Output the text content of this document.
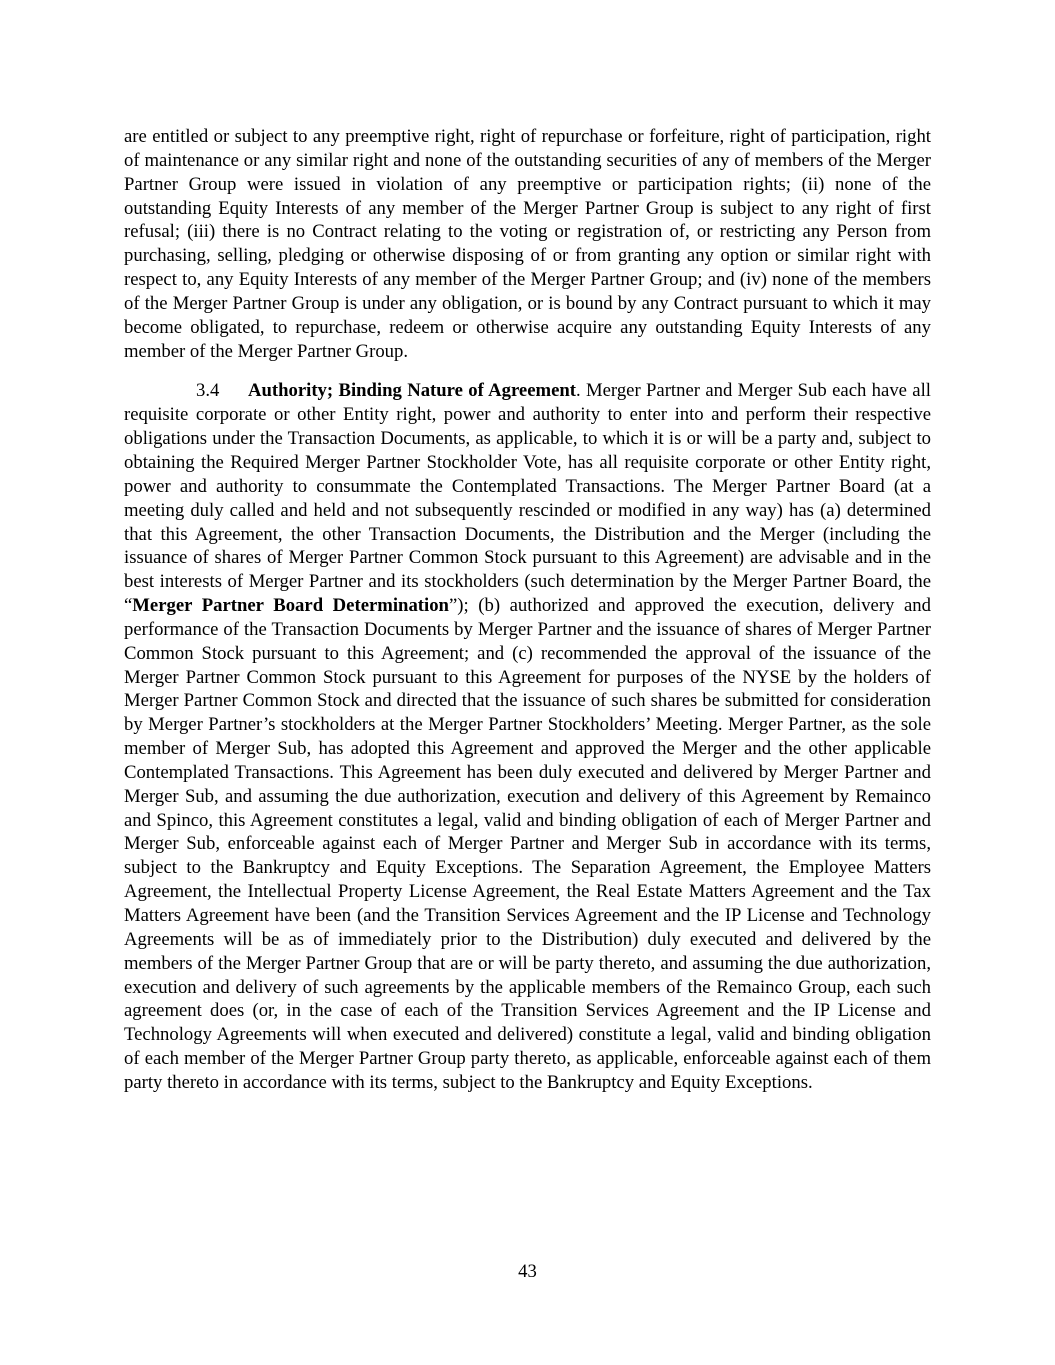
are entitled or subject to any preemptive right, right of repurchase or forfeiture, right of participation, right of maintenance or any similar right and none of the outstanding securities of any of members of the Merger Partner Group were issued in violation of any preemptive or participation rights; (ii) none of the outstanding Equity Interests of any member of the Merger Partner Group is subject to any right of first refusal; (iii) there is no Contract relating to the voting or registration of, or restricting any Person from purchasing, selling, pledging or otherwise disposing of or from granting any option or similar right with respect to, any Equity Interests of any member of the Merger Partner Group; and (iv) none of the members of the Merger Partner Group is under any obligation, or is bound by any Contract pursuant to which it may become obligated, to repurchase, redeem or otherwise acquire any outstanding Equity Interests of any member of the Merger Partner Group.

3.4 Authority; Binding Nature of Agreement. Merger Partner and Merger Sub each have all requisite corporate or other Entity right, power and authority to enter into and perform their respective obligations under the Transaction Documents, as applicable, to which it is or will be a party and, subject to obtaining the Required Merger Partner Stockholder Vote, has all requisite corporate or other Entity right, power and authority to consummate the Contemplated Transactions. The Merger Partner Board (at a meeting duly called and held and not subsequently rescinded or modified in any way) has (a) determined that this Agreement, the other Transaction Documents, the Distribution and the Merger (including the issuance of shares of Merger Partner Common Stock pursuant to this Agreement) are advisable and in the best interests of Merger Partner and its stockholders (such determination by the Merger Partner Board, the “Merger Partner Board Determination”); (b) authorized and approved the execution, delivery and performance of the Transaction Documents by Merger Partner and the issuance of shares of Merger Partner Common Stock pursuant to this Agreement; and (c) recommended the approval of the issuance of the Merger Partner Common Stock pursuant to this Agreement for purposes of the NYSE by the holders of Merger Partner Common Stock and directed that the issuance of such shares be submitted for consideration by Merger Partner’s stockholders at the Merger Partner Stockholders’ Meeting. Merger Partner, as the sole member of Merger Sub, has adopted this Agreement and approved the Merger and the other applicable Contemplated Transactions. This Agreement has been duly executed and delivered by Merger Partner and Merger Sub, and assuming the due authorization, execution and delivery of this Agreement by Remainco and Spinco, this Agreement constitutes a legal, valid and binding obligation of each of Merger Partner and Merger Sub, enforceable against each of Merger Partner and Merger Sub in accordance with its terms, subject to the Bankruptcy and Equity Exceptions. The Separation Agreement, the Employee Matters Agreement, the Intellectual Property License Agreement, the Real Estate Matters Agreement and the Tax Matters Agreement have been (and the Transition Services Agreement and the IP License and Technology Agreements will be as of immediately prior to the Distribution) duly executed and delivered by the members of the Merger Partner Group that are or will be party thereto, and assuming the due authorization, execution and delivery of such agreements by the applicable members of the Remainco Group, each such agreement does (or, in the case of each of the Transition Services Agreement and the IP License and Technology Agreements will when executed and delivered) constitute a legal, valid and binding obligation of each member of the Merger Partner Group party thereto, as applicable, enforceable against each of them party thereto in accordance with its terms, subject to the Bankruptcy and Equity Exceptions.

43
